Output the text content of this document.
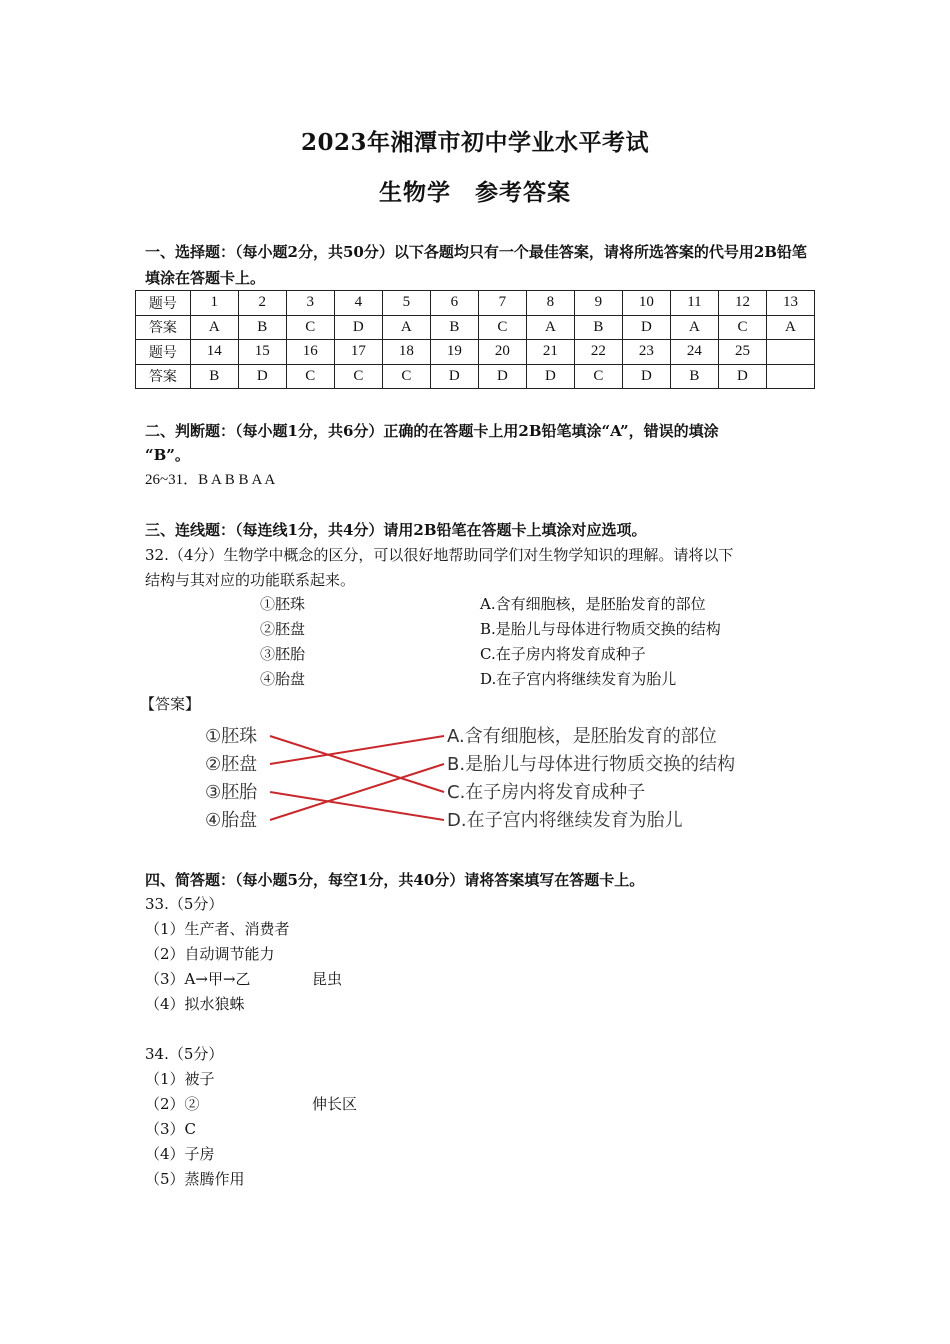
2023年湘潭市初中学业水平考试
生物学　参考答案
一、选择题：（每小题2分，共50分）以下各题均只有一个最佳答案，请将所选答案的代号用2B铅笔填涂在答题卡上。
题号	1	2	3	4	5	6	7	8	9	10	11	12	13
答案	A	B	C	D	A	B	C	A	B	D	A	C	A
题号	14	15	16	17	18	19	20	21	22	23	24	25	
答案	B	D	C	C	C	D	D	D	C	D	B	D	
二、判断题：（每小题1分，共6分）正确的在答题卡上用2B铅笔填涂“A”，错误的填涂
“B”。
26~31．B A B B A A
三、连线题：（每连线1分，共4分）请用2B铅笔在答题卡上填涂对应选项。
32.（4分）生物学中概念的区分，可以很好地帮助同学们对生物学知识的理解。请将以下
结构与其对应的功能联系起来。
①胚珠
②胚盘
③胚胎
④胎盘
A.含有细胞核，是胚胎发育的部位
B.是胎儿与母体进行物质交换的结构
C.在子房内将发育成种子
D.在子宫内将继续发育为胎儿
【答案】
①胚珠
②胚盘
③胚胎
④胎盘
A.含有细胞核，是胚胎发育的部位
B.是胎儿与母体进行物质交换的结构
C.在子房内将发育成种子
D.在子宫内将继续发育为胎儿
四、简答题：（每小题5分，每空1分，共40分）请将答案填写在答题卡上。
33.（5分）
（1）生产者、消费者
（2）自动调节能力
（3）A→甲→乙	昆虫
（4）拟水狼蛛
34.（5分）
（1）被子
（2）②	伸长区
（3）C
（4）子房
（5）蒸腾作用
